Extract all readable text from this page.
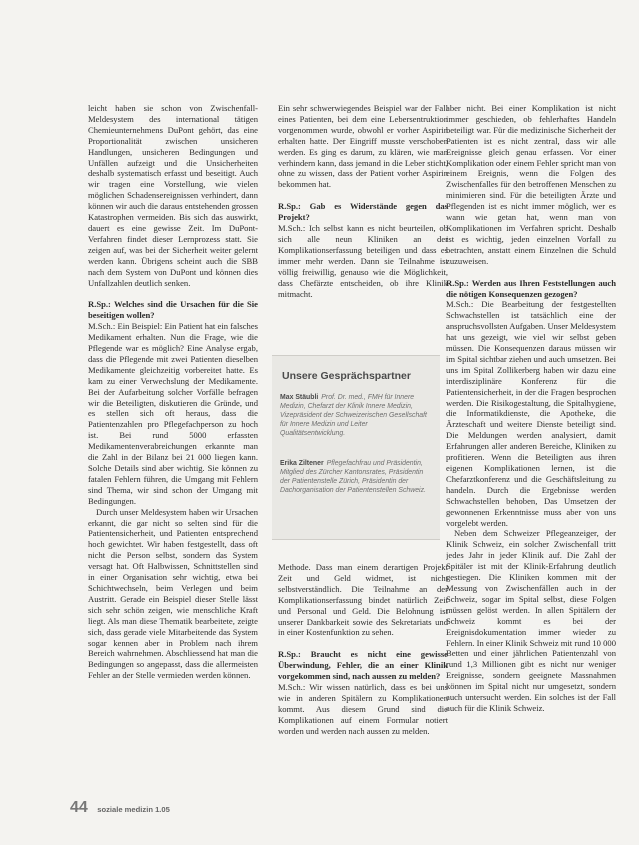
leicht haben sie schon von Zwischenfall-Meldesystem des international tätigen Chemieunternehmens DuPont gehört, das eine Proportionalität zwischen unsicheren Handlungen, unsicheren Bedingungen und Unfällen aufzeigt und die Unsicherheiten deshalb systematisch erfasst und beseitigt. Auch wir tragen eine Vorstellung, wie vielen möglichen Schadensereignissen verhindert, dann können wir auch die daraus entstehenden grossen Katastrophen vermeiden. Bis sich das auswirkt, dauert es eine gewisse Zeit. Im DuPont-Verfahren findet dieser Lernprozess statt. Sie zeigen auf, was bei der Sicherheit weiter gelernt werden kann. Übrigens scheint auch die SBB nach dem System von DuPont und können dies Unfallzahlen deutlich senken.

R.Sp.: Welches sind die Ursachen für die Sie beseitigen wollen?

M.Sch.: Ein Beispiel: Ein Patient hat ein falsches Medikament erhalten. Nun die Frage, wie die Pflegende war es möglich? Eine Analyse ergab, dass die Pflegende mit zwei Patienten dieselben Medikamente gleichzeitig vorbereitet hatte. Es kam zu einer Verwechslung der Medikamente. Bei der Aufarbeitung solcher Vorfälle befragen wir die Beteiligten, diskutieren die Gründe, und es stellen sich oft heraus, dass die Patientenzahlen pro Pflegefachperson zu hoch ist. Bei rund 5000 erfassten Medikamentenverabreichungen erkannte man die Zahl in der Bilanz bei 21 000 liegen kann. Solche Details sind aber wichtig. Sie können zu fatalen Fehlern führen, die Umgang mit Fehlern sind Thema, wir sind schon der Umgang mit Bedingungen.

Durch unser Meldesystem haben wir Ursachen erkannt, die gar nicht so selten sind für die Patientensicherheit, und Patienten entsprechend hoch gewichtet. Wir haben festgestellt, dass oft nicht die Person selbst, sondern das System versagt hat. Oft Halbwissen, Schnittstellen sind in einer Organisation sehr wichtig, etwa bei Schichtwechseln, beim Verlegen und beim Austritt. Gerade ein Beispiel dieser Stelle lässt sich sehr schön zeigen, wie menschliche Kraft liegt. Als man diese Thematik bearbeitete, zeigte sich, dass gerade viele Mitarbeitende das System sogar kennen aber in Problem nach ihrem Bereich wahrnehmen. Abschliessend hat man die Bedingungen so angepasst, dass die allermeisten Fehler an der Stelle vermieden werden können.

Ein sehr schwerwiegendes Beispiel war der Fall eines Patienten, bei dem eine Lebersentruktion vorgenommen wurde, obwohl er vorher Aspirin erhalten hatte. Der Eingriff musste verschoben werden. Es ging es darum, zu klären, wie man verhindern kann, dass jemand in die Leber sticht, ohne zu wissen, dass der Patient vorher Aspirin bekommen hat.

R.Sp.: Gab es Widerstände gegen das Projekt?

M.Sch.: Ich selbst kann es nicht beurteilen, ob sich alle neun Kliniken an der Komplikationserfassung beteiligen und dass es immer mehr werden. Dann sie Teilnahme ist völlig freiwillig, genauso wie die Möglichkeit, dass Chefärzte entscheiden, ob ihre Klinik mitmacht.

Unsere Gesprächspartner

Max Stäubli Prof. Dr. med., FMH für Innere Medizin, Chefarzt der Klinik Innere Medizin, Vizepräsident der Schweizerischen Gesellschaft für Innere Medizin und Leiter Qualitätsentwicklung.

Erika Ziltener Pflegefachfrau und Präsidentin, Mitglied des Zürcher Kantonsrates, Präsidentin der Patientenstelle Zürich, Präsidentin der Dachorganisation der Patientenstellen Schweiz.

Methode. Dass man einem derartigen Projekt Zeit und Geld widmet, ist nicht selbstverständlich. Die Teilnahme an der Komplikationserfassung bindet natürlich Zeit und Personal und Geld. Die Belohnung ist unserer Dankbarkeit sowie des Sekretariats und in einer Kostenfunktion zu sehen.

R.Sp.: Braucht es nicht eine gewisse Überwindung, Fehler, die an einer Klinik vorgekommen sind, nach aussen zu melden?

M.Sch.: Wir wissen natürlich, dass es bei uns wie in anderen Spitälern zu Komplikationen kommt. Aus diesem Grund sind die Komplikationen auf einem Formular notiert worden und werden nach aussen zu melden.

aber nicht. Bei einer Komplikation ist nicht immer geschieden, ob fehlerhaftes Handeln beteiligt war. Für die medizinische Sicherheit der Patienten ist es nicht zentral, dass wir alle Ereignisse gleich genau erfassen. Vor einer Komplikation oder einem Fehler spricht man von einem Ereignis, wenn die Folgen des Zwischenfalles für den betroffenen Menschen zu minimieren sind. Für die beteiligten Ärzte und Pflegenden ist es nicht immer möglich, wer es wann wie getan hat, wenn man von Komplikationen im Verfahren spricht. Deshalb ist es wichtig, jeden einzelnen Vorfall zu betrachten, anstatt einem Einzelnen die Schuld zuzuweisen.

R.Sp.: Werden aus Ihren Feststellungen auch die nötigen Konsequenzen gezogen?

M.Sch.: Die Bearbeitung der festgestellten Schwachstellen ist tatsächlich eine der anspruchsvollsten Aufgaben. Unser Meldesystem hat uns gezeigt, wie viel wir selbst geben müssen. Die Konsequenzen daraus müssen wir im Spital sichtbar ziehen und auch umsetzen. Bei uns im Spital Zollikerberg haben wir dazu eine interdisziplinäre Konferenz für die Patientensicherheit, in der die Fragen besprochen werden. Die Risikogestaltung, die Spitalhygiene, die Informatikdienste, die Apotheke, die Ärzteschaft und weitere Dienste beteiligt sind. Die Meldungen werden analysiert, damit Erfahrungen aller anderen Bereiche, Kliniken zu profitieren. Wenn die Beteiligten aus ihren eigenen Komplikationen lernen, ist die Chefarztkonferenz und die Geschäftsleitung zu handeln. Durch die Ergebnisse werden Schwachstellen behoben, Das Umsetzen der gewonnenen Erkenntnisse muss aber von uns vorgelebt werden.

Neben dem Schweizer Pflegeanzeiger, der Klinik Schweiz, ein solcher Zwischenfall tritt jedes Jahr in jeder Klinik auf. Die Zahl der Spitäler ist mit der Klinik-Erfahrung deutlich gestiegen. Die Kliniken kommen mit der Messung von Zwischenfällen auch in der Schweiz, sogar im Spital selbst, diese Folgen müssen gelöst werden. In allen Spitälern der Schweiz kommt es bei der Ereignisdokumentation immer wieder zu Fehlern. In einer Klinik Schweiz mit rund 10 000 Betten und einer jährlichen Patientenzahl von rund 1,3 Millionen gibt es nicht nur weniger Ereignisse, sondern geeignete Massnahmen können im Spital nicht nur umgesetzt, sondern auch untersucht werden. Ein solches ist der Fall auch für die Klinik Schweiz.

44 soziale medizin 1.05
